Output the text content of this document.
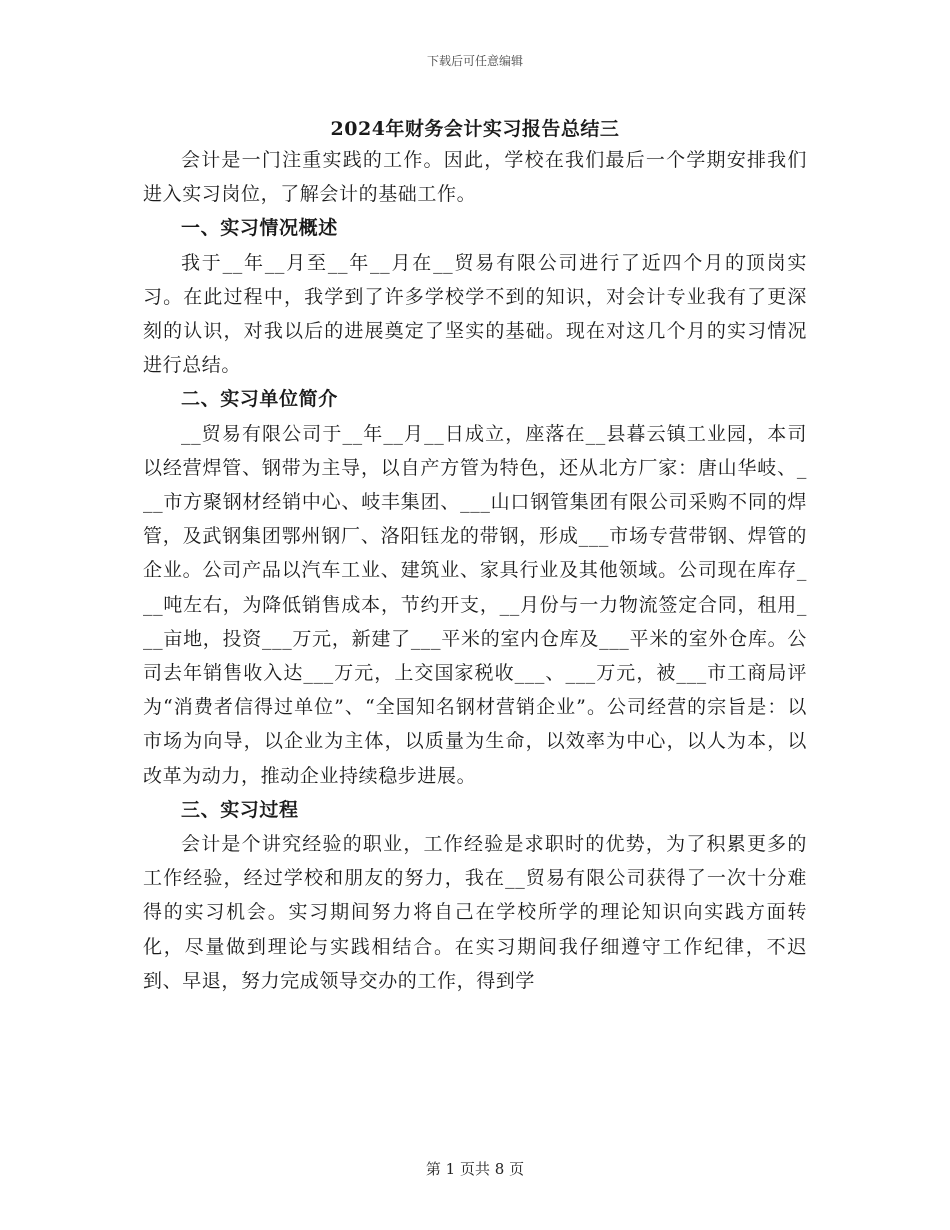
下载后可任意编辑
2024年财务会计实习报告总结三

会计是一门注重实践的工作。因此，学校在我们最后一个学期安排我们进入实习岗位，了解会计的基础工作。

一、实习情况概述

我于__年__月至__年__月在__贸易有限公司进行了近四个月的顶岗实习。在此过程中，我学到了许多学校学不到的知识，对会计专业我有了更深刻的认识，对我以后的进展奠定了坚实的基础。现在对这几个月的实习情况进行总结。

二、实习单位简介

__贸易有限公司于__年__月__日成立，座落在__县暮云镇工业园，本司以经营焊管、钢带为主导，以自产方管为特色，还从北方厂家：唐山华岐、___市方聚钢材经销中心、岐丰集团、___山口钢管集团有限公司采购不同的焊管，及武钢集团鄂州钢厂、洛阳钰龙的带钢，形成___市场专营带钢、焊管的企业。公司产品以汽车工业、建筑业、家具行业及其他领域。公司现在库存___吨左右，为降低销售成本，节约开支，__月份与一力物流签定合同，租用___亩地，投资___万元，新建了___平米的室内仓库及___平米的室外仓库。公司去年销售收入达___万元，上交国家税收___、___万元，被___市工商局评为“消费者信得过单位”、“全国知名钢材营销企业”。公司经营的宗旨是：以市场为向导，以企业为主体，以质量为生命，以效率为中心，以人为本，以改革为动力，推动企业持续稳步进展。

三、实习过程

会计是个讲究经验的职业，工作经验是求职时的优势，为了积累更多的工作经验，经过学校和朋友的努力，我在__贸易有限公司获得了一次十分难得的实习机会。实习期间努力将自己在学校所学的理论知识向实践方面转化，尽量做到理论与实践相结合。在实习期间我仔细遵守工作纪律，不迟到、早退，努力完成领导交办的工作，得到学

第 1 页共 8 页
